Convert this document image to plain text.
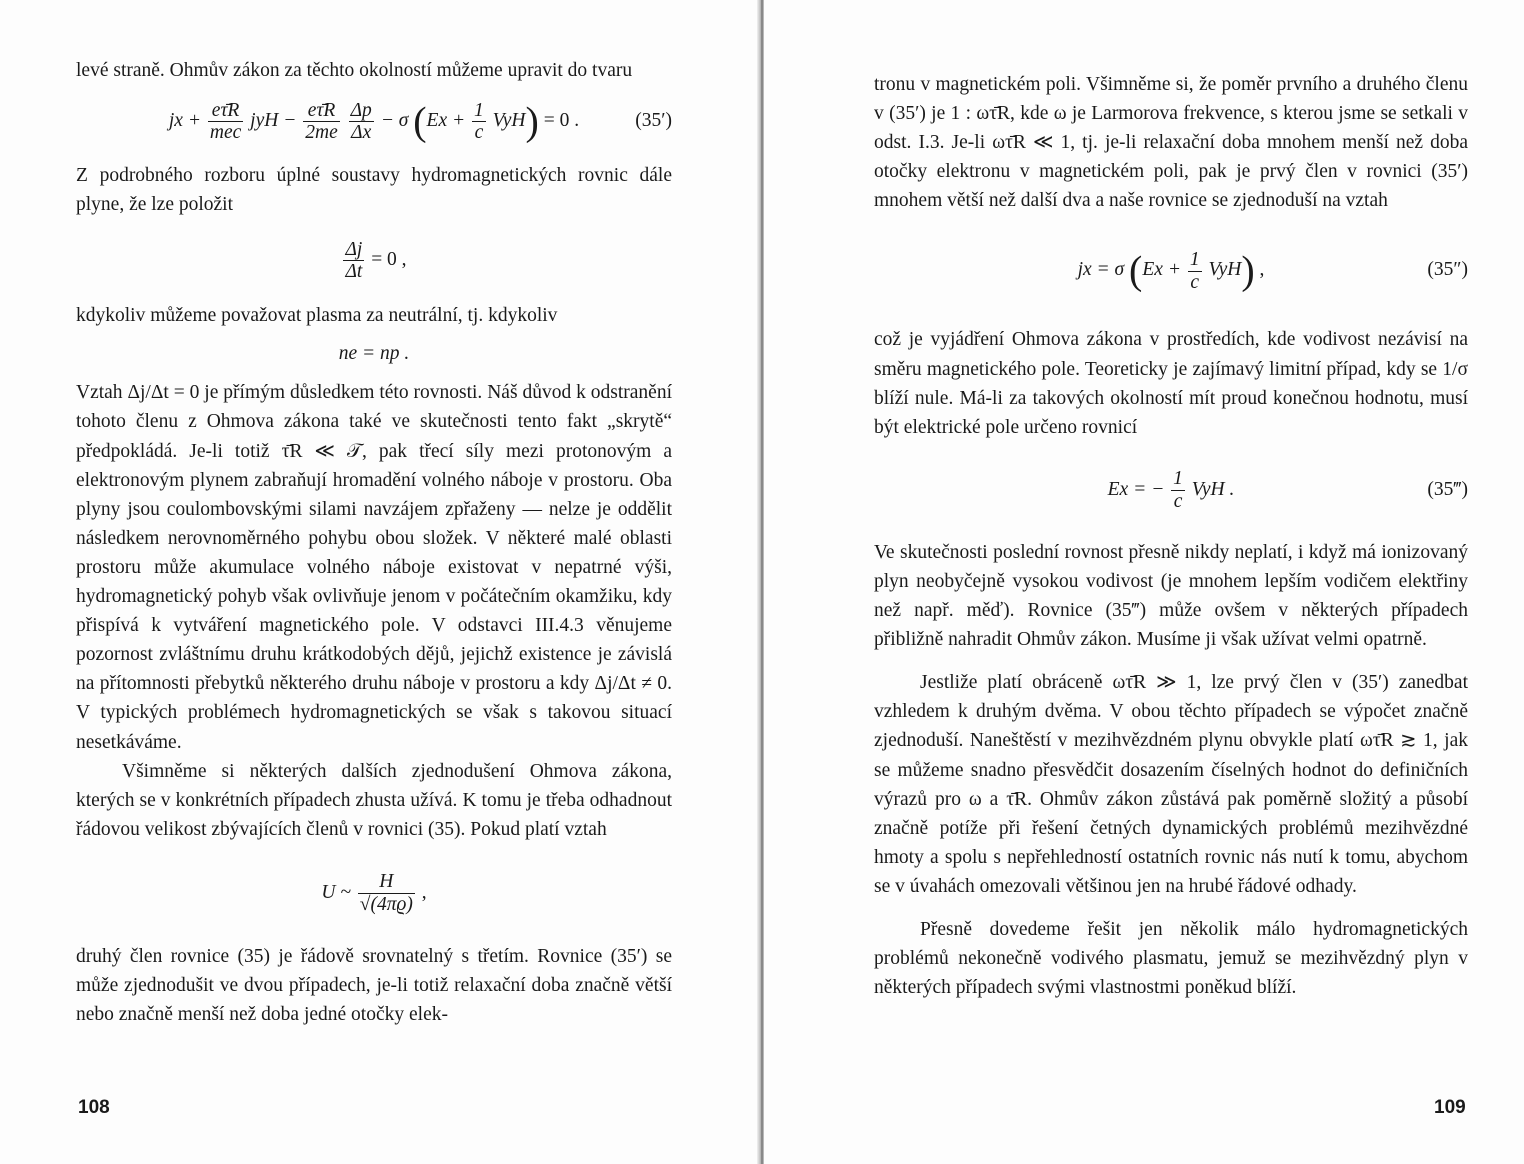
levé straně. Ohmův zákon za těchto okolností můžeme upravit do tvaru

jx + $\frac{e\taūR}{\text{mec}}$ jyH − $\frac{e\taūR}{2me}$
$\frac{\Delta p}{\Delta x} - \sigma$ $(Ex + \frac{1}{c} VyH) = 0$ .	(35′)

Z podrobného rozboru úplné soustavy hydromagnetických rovnic dále plyne, že lze položit

$\frac{\Delta j}{\Delta t} = 0$ ,

kdykoliv můžeme považovat plasma za neutrální, tj. kdykoliv

ne = np .

Vztah Δj/Δt = 0 je přímým důsledkem této rovnosti. Náš důvod k odstranění tohoto členu z Ohmova zákona také ve skutečnosti tento fakt „skrytě“ předpokládá. Je-li totiž τ̄R ≪ 𝒯, pak třecí síly mezi protonovým a elektronovým plynem zabraňují hromadění volného náboje v prostoru. Oba plyny jsou coulombovskými silami navzájem zpřaženy — nelze je oddělit následkem nerovnoměrného pohybu obou složek. V některé malé oblasti prostoru může akumulace volného náboje existovat v nepatrné výši, hydromagnetický pohyb však ovlivňuje jenom v počátečním okamžiku, kdy přispívá k vytváření magnetického pole. V odstavci III.4.3 věnujeme pozornost zvláštnímu druhu krátkodobých dějů, jejichž existence je závislá na přítomnosti přebytků některého druhu náboje v prostoru a kdy Δj/Δt ≠ 0. V typických problémech hydromagnetických se však s takovou situací nesetkáváme.

Všimněme si některých dalších zjednodušení Ohmova zákona, kterých se v konkrétních případech zhusta užívá. K tomu je třeba odhadnout řádovou velikost zbývajících členů v rovnici (35). Pokud platí vztah

U ~ $\frac{H}{√(4\pi ϱ)}$ ,

druhý člen rovnice (35) je řádově srovnatelný s třetím. Rovnice (35′) se může zjednodušit ve dvou případech, je-li totiž relaxační doba značně větší nebo značně menší než doba jedné otočky elek-

108

tronu v magnetickém poli. Všimněme si, že poměr prvního a druhého členu v (35′) je 1 : ωτ̄R, kde ω je Larmorova frekvence, s kterou jsme se setkali v odst. I.3. Je-li ωτ̄R ≪ 1, tj. je-li relaxační doba mnohem menší než doba otočky elektronu v magnetickém poli, pak je prvý člen v rovnici (35′) mnohem větší než další dva a naše rovnice se zjednoduší na vztah

jx = σ $(Ex + \frac{1}{c} VyH)$ ,	(35″)

což je vyjádření Ohmova zákona v prostředích, kde vodivost nezávisí na směru magnetického pole. Teoreticky je zajímavý limitní případ, kdy se 1/σ blíží nule. Má-li za takových okolností mít proud konečnou hodnotu, musí být elektrické pole určeno rovnicí

Ex = − $\frac{1}{c}$ VyH .	(35‴)

Ve skutečnosti poslední rovnost přesně nikdy neplatí, i když má ionizovaný plyn neobyčejně vysokou vodivost (je mnohem lepším vodičem elektřiny než např. měď). Rovnice (35‴) může ovšem v některých případech přibližně nahradit Ohmův zákon. Musíme ji však užívat velmi opatrně.

Jestliže platí obráceně ωτ̄R ≫ 1, lze prvý člen v (35′) zanedbat vzhledem k druhým dvěma. V obou těchto případech se výpočet značně zjednoduší. Naneštěstí v mezihvězdném plynu obvykle platí ωτ̄R ≳ 1, jak se můžeme snadno přesvědčit dosazením číselných hodnot do definičních výrazů pro ω a τ̄R. Ohmův zákon zůstává pak poměrně složitý a působí značně potíže při řešení četných dynamických problémů mezihvězdné hmoty a spolu s nepřehledností ostatních rovnic nás nutí k tomu, abychom se v úvahách omezovali většinou jen na hrubé řádové odhady.

Přesně dovedeme řešit jen několik málo hydromagnetických problémů nekonečně vodivého plasmatu, jemuž se mezihvězdný plyn v některých případech svými vlastnostmi poněkud blíží.

109
